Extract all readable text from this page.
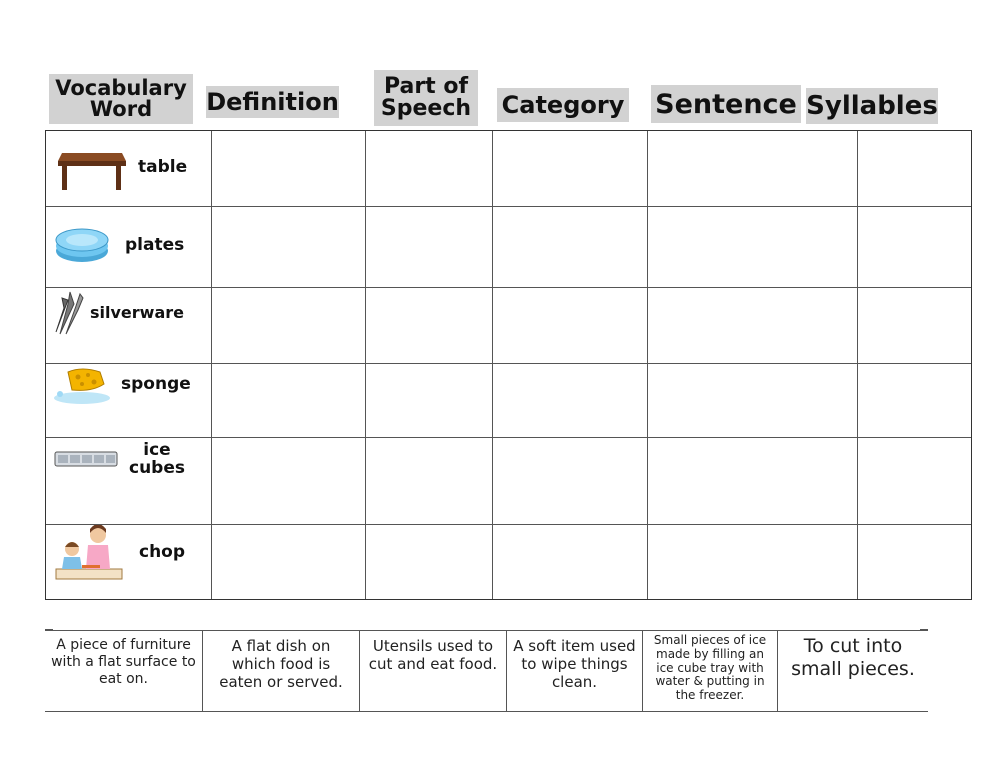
Vocabulary
Word	Definition
Part of
Speech Category Sentence Syllables
table
plates
silverware
sponge
ice
cubes
chop
A piece of furniture with a flat surface to eat on.
A flat dish on which food is eaten or served.
Utensils used to cut and eat food.
A soft item used to wipe things clean.
Small pieces of ice made by filling an ice cube tray with water & putting in the freezer.
To cut into small pieces.
